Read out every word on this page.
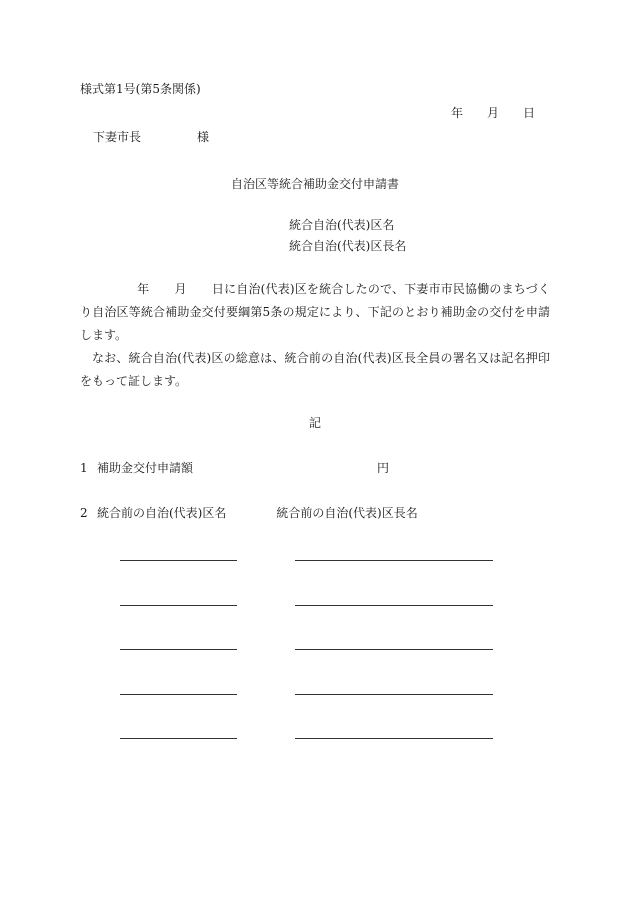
様式第1号(第5条関係)
年 月 日
下妻市長	様
自治区等統合補助金交付申請書
統合自治(代表)区名
統合自治(代表)区長名

年 月 日に自治(代表)区を統合したので、下妻市市民協働のまちづくり自治区等統合補助金交付要綱第5条の規定により、下記のとおり補助金の交付を申請します。

なお、統合自治(代表)区の総意は、統合前の自治(代表)区長全員の署名又は記名押印をもって証します。

記
1 補助金交付申請額	円
2 統合前の自治(代表)区名	統合前の自治(代表)区長名
